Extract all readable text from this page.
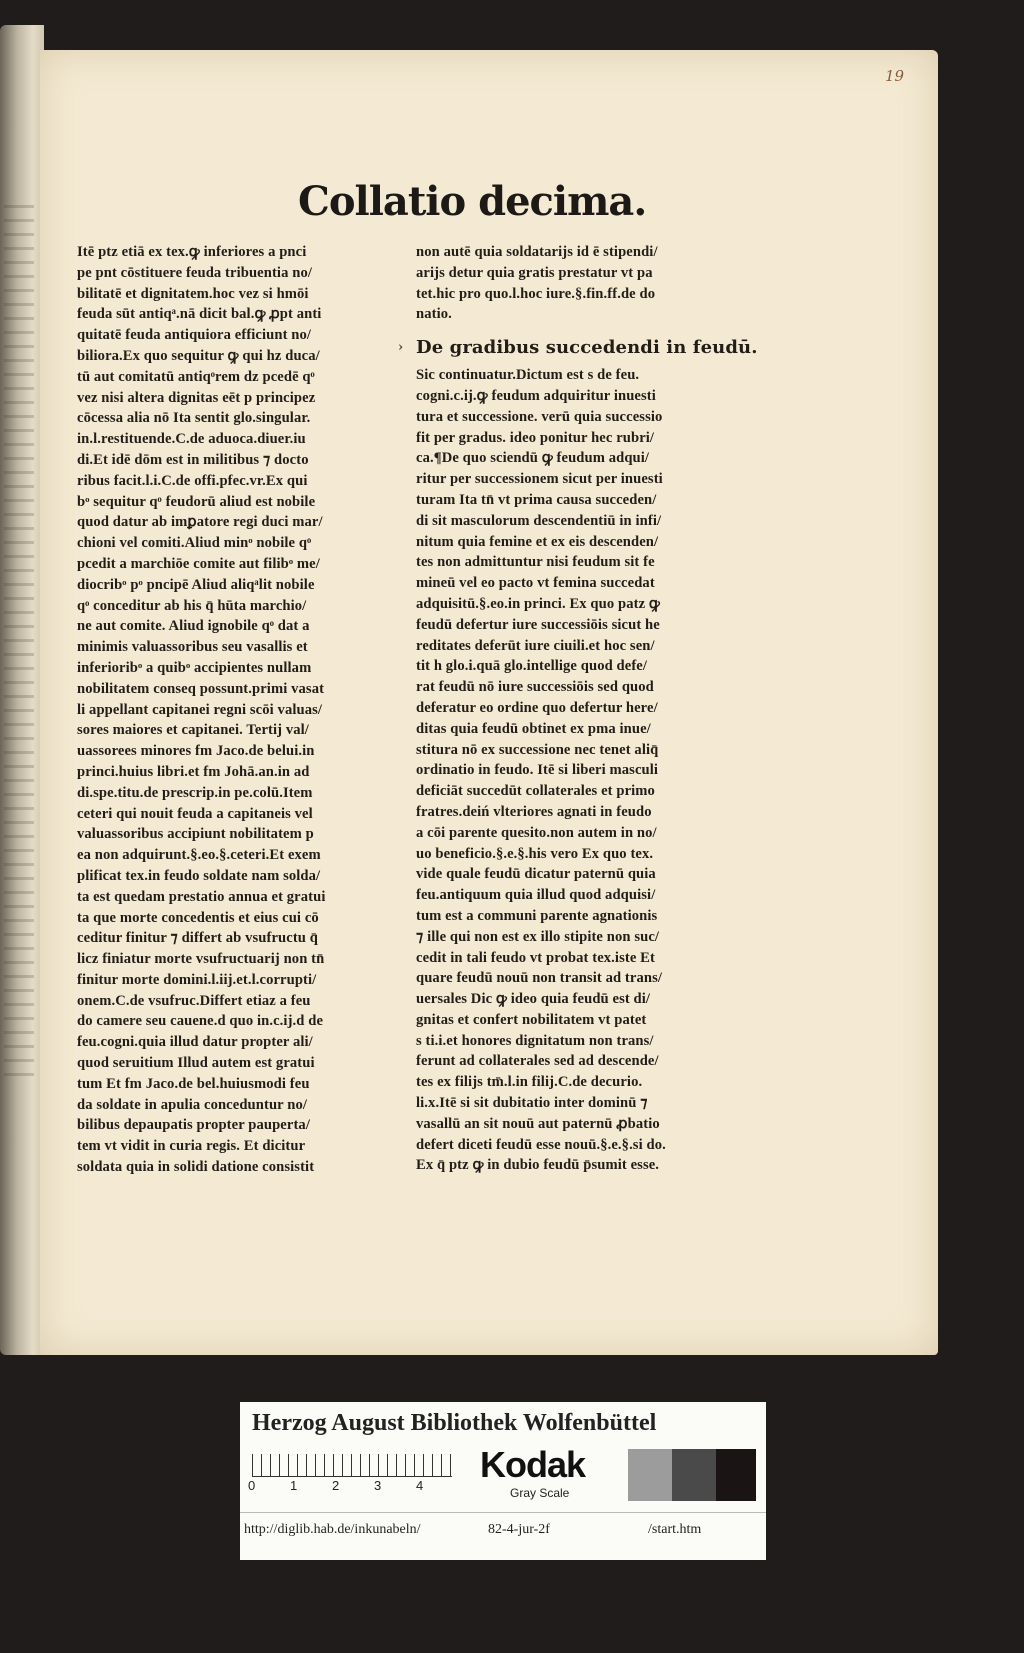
19
Collatio decima.
Itē ptz etiā ex tex.ꝙ inferiores a pnci
pe pnt cōstituere feuda tribuentia no/
bilitatē et dignitatem.hoc vez si hmōi
feuda sūt antiqͣ.nā dicit bal.ꝙ ꝓpt anti
quitatē feuda antiquiora efficiunt no/
biliora.Ex quo sequitur ꝙ qui hz duca/
tū aut comitatū antiqͦrem dz pcedē qͦ
vez nisi altera dignitas eēt p principez
cōcessa alia nō Ita sentit glo.singular.
in.l.restituende.C.de aduoca.diuer.iu
di.Et idē dōm est in militibus ⁊ docto
ribus facit.l.i.C.de offi.pfec.vr.Ex qui
bᵒ sequitur qͦ feudorū aliud est nobile
quod datur ab imꝑatore regi duci mar/
chioni vel comiti.Aliud minᵒ nobile qͦ
pcedit a marchiōe comite aut filibᵒ me/
diocribᵒ pᵒ pncipē Aliud aliqͣlit nobile
qͦ conceditur ab his q̄ hūta marchio/
ne aut comite. Aliud ignobile qͦ dat a
minimis valuassoribus seu vasallis et
inferioribᵒ a quibᵒ accipientes nullam
nobilitatem conseq possunt.primi vasat
li appellant capitanei regni scōi valuas/
sores maiores et capitanei. Tertij val/
uassorees minores fm Jaco.de belui.in
princi.huius libri.et fm Johā.an.in ad
di.spe.titu.de prescrip.in pe.colū.Item
ceteri qui nouit feuda a capitaneis vel
valuassoribus accipiunt nobilitatem p
ea non adquirunt.§.eo.§.ceteri.Et exem
plificat tex.in feudo soldate nam solda/
ta est quedam prestatio annua et gratui
ta que morte concedentis et eius cui cō
ceditur finitur ⁊ differt ab vsufructu q̄
licz finiatur morte vsufructuarij non tn̄
finitur morte domini.l.iij.et.l.corrupti/
onem.C.de vsufruc.Differt etiaz a feu
do camere seu cauene.d quo in.c.ij.d de
feu.cogni.quia illud datur propter ali/
quod seruitium Illud autem est gratui
tum Et fm Jaco.de bel.huiusmodi feu
da soldate in apulia conceduntur no/
bilibus depaupatis propter pauperta/
tem vt vidit in curia regis. Et dicitur
soldata quia in solidi datione consistit
non autē quia soldatarijs id ē stipendi/
arijs detur quia gratis prestatur vt pa
tet.hic pro quo.l.hoc iure.§.fin.ff.de do
natio.
› De gradibus succedendi in feudū.
Sic continuatur.Dictum est s de feu.
cogni.c.ij.ꝙ feudum adquiritur inuesti
tura et successione. verū quia successio
fit per gradus. ideo ponitur hec rubri/
ca.¶De quo sciendū ꝙ feudum adqui/
ritur per successionem sicut per inuesti
turam Ita tn̄ vt prima causa succeden/
di sit masculorum descendentiū in infi/
nitum quia femine et ex eis descenden/
tes non admittuntur nisi feudum sit fe
mineū vel eo pacto vt femina succedat
adquisitū.§.eo.in princi. Ex quo patz ꝙ
feudū defertur iure successiōis sicut he
reditates deferūt iure ciuili.et hoc sen/
tit h glo.i.quā glo.intellige quod defe/
rat feudū nō iure successiōis sed quod
deferatur eo ordine quo defertur here/
ditas quia feudū obtinet ex pma inue/
stitura nō ex successione nec tenet aliq̄
ordinatio in feudo. Itē si liberi masculi
deficiāt succedūt collaterales et primo
fratres.deiń vlteriores agnati in feudo
a cōi parente quesito.non autem in no/
uo beneficio.§.e.§.his vero Ex quo tex.
vide quale feudū dicatur paternū quia
feu.antiquum quia illud quod adquisi/
tum est a communi parente agnationis
⁊ ille qui non est ex illo stipite non suc/
cedit in tali feudo vt probat tex.iste Et
quare feudū nouū non transit ad trans/
uersales Dic ꝙ ideo quia feudū est di/
gnitas et confert nobilitatem vt patet
s ti.i.et honores dignitatum non trans/
ferunt ad collaterales sed ad descende/
tes ex filijs tm̄.l.in filij.C.de decurio.
li.x.Itē si sit dubitatio inter dominū ⁊
vasallū an sit nouū aut paternū ꝓbatio
defert diceti feudū esse nouū.§.e.§.si do.
Ex q̄ ptz ꝙ in dubio feudū p̄sumit esse.
Herzog August Bibliothek Wolfenbüttel
0	1	2	3	4
Kodak
Gray Scale
http://diglib.hab.de/inkunabeln/	82-4-jur-2f	/start.htm
